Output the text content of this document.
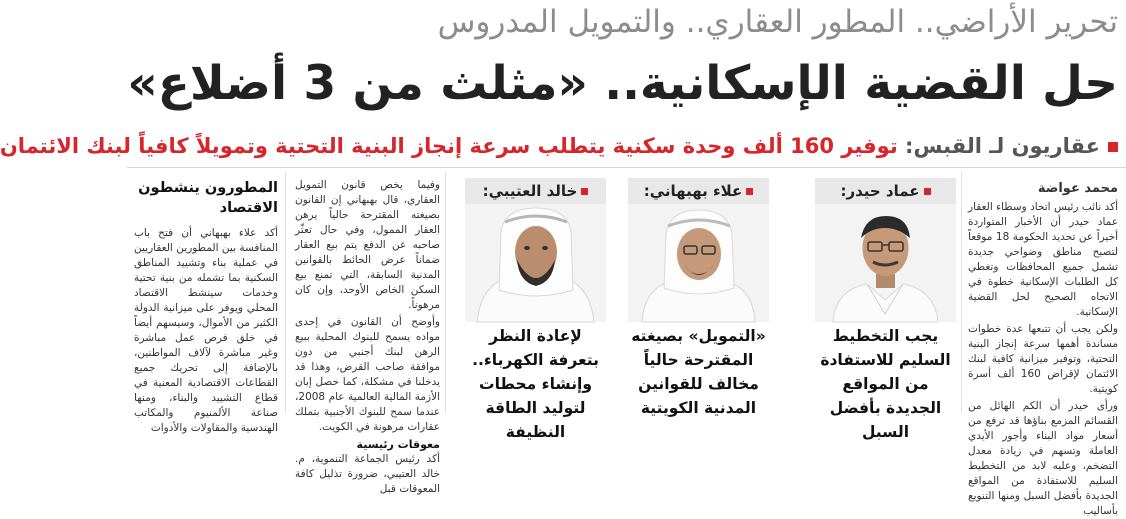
تحرير الأراضي.. المطور العقاري.. والتمويل المدروس
حل القضية الإسكانية.. «مثلث من 3 أضلاع»
عقاريون لـ القبس: توفير 160 ألف وحدة سكنية يتطلب سرعة إنجاز البنية التحتية وتمويلاً كافياً لبنك الائتمان
محمد عواضة

أكد نائب رئيس اتحاد وسطاء العقار عماد حيدر أن الأخبار المتواردة أخيراً عن تحديد الحكومة 18 موقعاً لتصبح مناطق وضواحي جديدة تشمل جميع المحافظات وتغطي كل الطلبات الإسكانية خطوة في الاتجاه الصحيح لحل القضية الإسكانية.

ولكن يجب أن تتبعها عدة خطوات مساندة أهمها سرعة إنجاز البنية التحتية، وتوفير ميزانية كافية لبنك الائتمان لإقراض 160 ألف أسرة كويتية.

ورأى حيدر أن الكم الهائل من القسائم المزمع بناؤها قد ترفع من أسعار مواد البناء وأجور الأيدي العاملة وتسهم في زيادة معدل التضخم، وعليه لابد من التخطيط السليم للاستفادة من المواقع الجديدة بأفضل السبل ومنها التنويع بأساليب

عماد حيدر:
يجب التخطيط السليم للاستفادة من المواقع الجديدة بأفضل السبل
علاء بهبهاني:
«التمويل» بصيغته المقترحة حالياً مخالف للقوانين المدنية الكويتية
خالد العتيبي:
لإعادة النظر بتعرفة الكهرباء.. وإنشاء محطات لتوليد الطاقة النظيفة

وفيما يخص قانون التمويل العقاري، قال بهبهاني إن القانون بصيغته المقترحة حالياً يرهن العقار الممول، وفي حال تعثّر صاحبه عن الدفع يتم بيع العقار ضماناً عرض الحائط بالقوانين المدنية السابقة، التي تمنع بيع السكن الخاص الأوحد، وإن كان مرهوناً.

وأوضح أن القانون في إحدى مواده يسمح للبنوك المحلية ببيع الرهن لبنك أجنبي من دون موافقة صاحب القرض، وهذا قد يدخلنا في مشكلة، كما حصل إبان الأزمة المالية العالمية عام 2008، عندما سمح للبنوك الأجنبية بتملك عقارات مرهونة في الكويت.

معوقات رئيسية

أكد رئيس الجماعة التنموية، م. خالد العتيبي، ضرورة تذليل كافة المعوقات قبل

المطورون ينشطون الاقتصاد
أكد علاء بهبهاني أن فتح باب المنافسة بين المطورين العقاريين في عملية بناء وتشييد المناطق السكنية بما تشمله من بنية تحتية وخدمات سينشط الاقتصاد المحلي ويوفر على ميزانية الدولة الكثير من الأموال، وسيسهم أيضاً في خلق فرص عمل مباشرة وغير مباشرة لآلاف المواطنين، بالإضافة إلى تحريك جميع القطاعات الاقتصادية المعنية في قطاع التشييد والبناء، ومنها صناعة الألمنيوم والمكاتب الهندسية والمقاولات والأدوات
